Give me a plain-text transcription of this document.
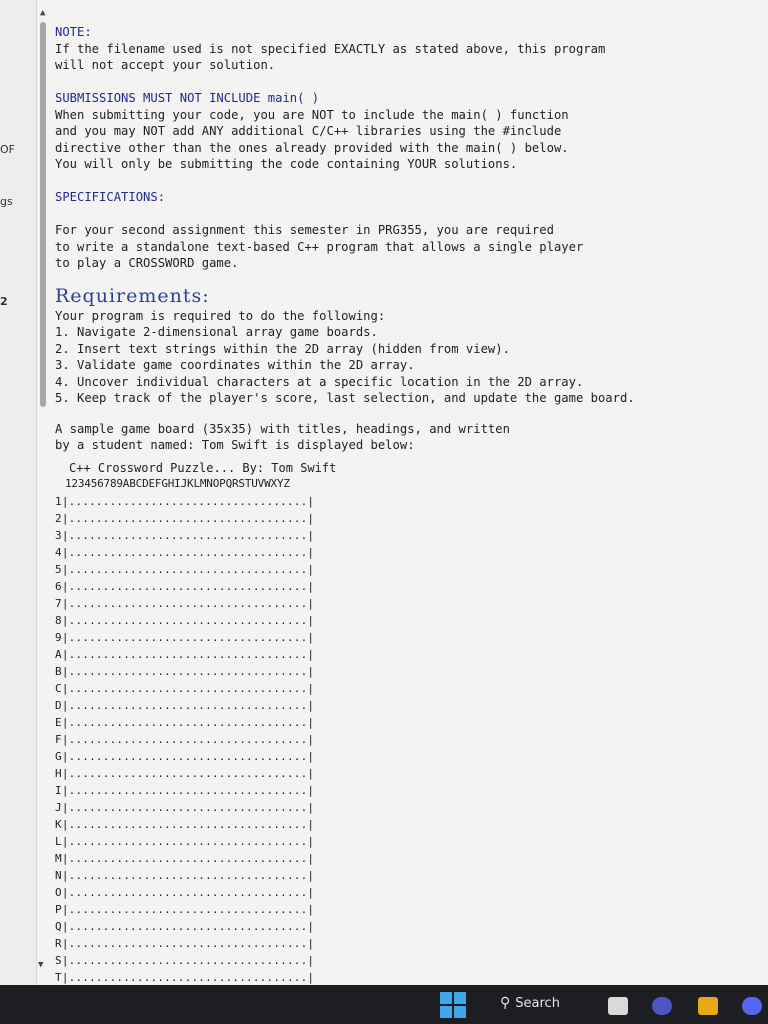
OF
gs
2
▲
▼
NOTE:
If the filename used is not specified EXACTLY as stated above, this program
will not accept your solution.
SUBMISSIONS MUST NOT INCLUDE main( )
When submitting your code, you are NOT to include the main( ) function
and you may NOT add ANY additional C/C++ libraries using the #include
directive other than the ones already provided with the main( ) below.
You will only be submitting the code containing YOUR solutions.
SPECIFICATIONS:
For your second assignment this semester in PRG355, you are required
to write a standalone text-based C++ program that allows a single player
to play a CROSSWORD game.
Requirements:
Your program is required to do the following:
1. Navigate 2-dimensional array game boards.
2. Insert text strings within the 2D array (hidden from view).
3. Validate game coordinates within the 2D array.
4. Uncover individual characters at a specific location in the 2D array.
5. Keep track of the player's score, last selection, and update the game board.
A sample game board (35x35) with titles, headings, and written
by a student named: Tom Swift is displayed below:
C++ Crossword Puzzle... By: Tom Swift
123456789ABCDEFGHIJKLMNOPQRSTUVWXYZ
1|...................................|
2|...................................|
3|...................................|
4|...................................|
5|...................................|
6|...................................|
7|...................................|
8|...................................|
9|...................................|
A|...................................|
B|...................................|
C|...................................|
D|...................................|
E|...................................|
F|...................................|
G|...................................|
H|...................................|
I|...................................|
J|...................................|
K|...................................|
L|...................................|
M|...................................|
N|...................................|
O|...................................|
P|...................................|
Q|...................................|
R|...................................|
S|...................................|
T|...................................|
⚲ Search
